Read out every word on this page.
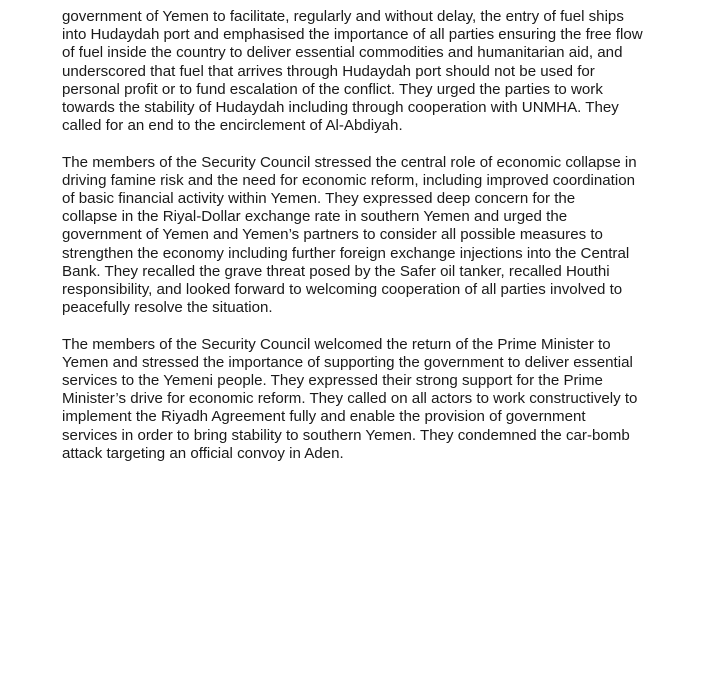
government of Yemen to facilitate, regularly and without delay, the entry of fuel ships
into Hudaydah port and emphasised the importance of all parties ensuring the free flow
of fuel inside the country to deliver essential commodities and humanitarian aid, and
underscored that fuel that arrives through Hudaydah port should not be used for
personal profit or to fund escalation of the conflict. They urged the parties to work
towards the stability of Hudaydah including through cooperation with UNMHA. They
called for an end to the encirclement of Al-Abdiyah.

The members of the Security Council stressed the central role of economic collapse in
driving famine risk and the need for economic reform, including improved coordination
of basic financial activity within Yemen. They expressed deep concern for the
collapse in the Riyal-Dollar exchange rate in southern Yemen and urged the
government of Yemen and Yemen’s partners to consider all possible measures to
strengthen the economy including further foreign exchange injections into the Central
Bank. They recalled the grave threat posed by the Safer oil tanker, recalled Houthi
responsibility, and looked forward to welcoming cooperation of all parties involved to
peacefully resolve the situation.

The members of the Security Council welcomed the return of the Prime Minister to
Yemen and stressed the importance of supporting the government to deliver essential
services to the Yemeni people. They expressed their strong support for the Prime
Minister’s drive for economic reform. They called on all actors to work constructively to
implement the Riyadh Agreement fully and enable the provision of government
services in order to bring stability to southern Yemen. They condemned the car-bomb
attack targeting an official convoy in Aden.
